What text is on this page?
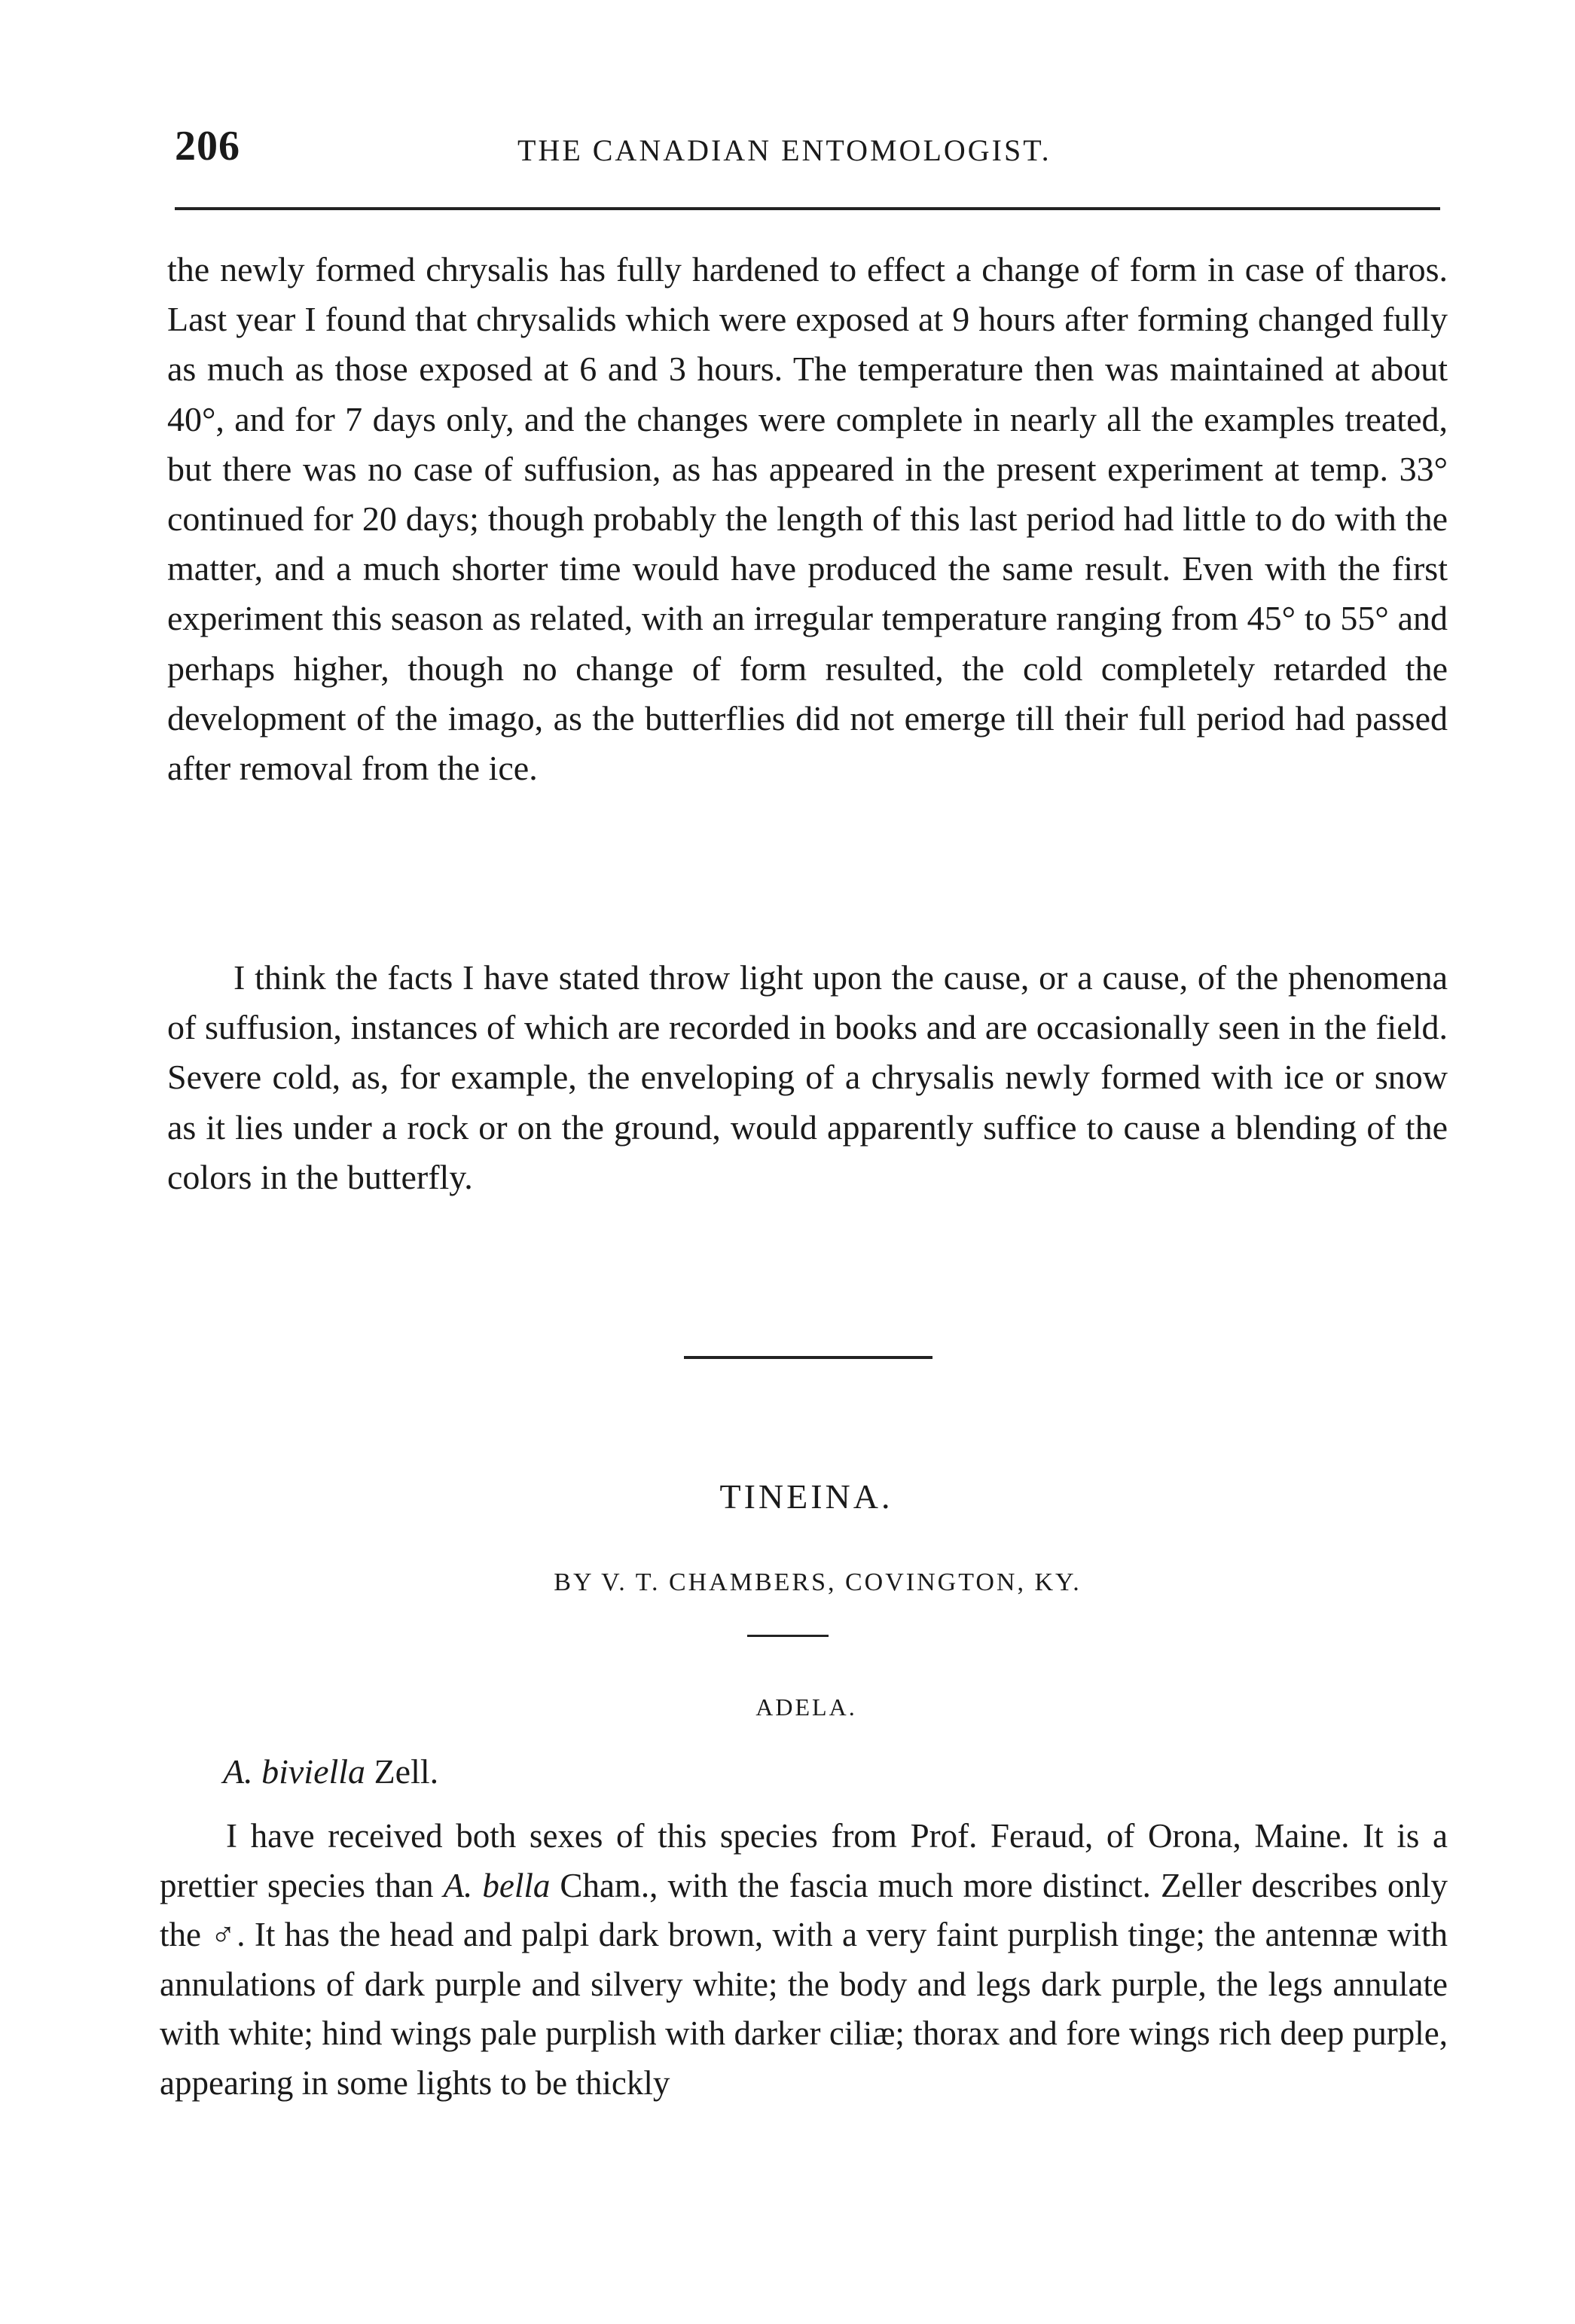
206	THE CANADIAN ENTOMOLOGIST.

the newly formed chrysalis has fully hardened to effect a change of form in case of tharos. Last year I found that chrysalids which were exposed at 9 hours after forming changed fully as much as those exposed at 6 and 3 hours. The temperature then was maintained at about 40°, and for 7 days only, and the changes were complete in nearly all the examples treated, but there was no case of suffusion, as has appeared in the present experiment at temp. 33° continued for 20 days; though probably the length of this last period had little to do with the matter, and a much shorter time would have produced the same result. Even with the first experiment this season as related, with an irregular temperature ranging from 45° to 55° and perhaps higher, though no change of form resulted, the cold completely retarded the development of the imago, as the butterflies did not emerge till their full period had passed after removal from the ice.

I think the facts I have stated throw light upon the cause, or a cause, of the phenomena of suffusion, instances of which are recorded in books and are occasionally seen in the field. Severe cold, as, for example, the enveloping of a chrysalis newly formed with ice or snow as it lies under a rock or on the ground, would apparently suffice to cause a blending of the colors in the butterfly.

TINEINA.
BY V. T. CHAMBERS, COVINGTON, KY.
ADELA.
A. biviella Zell.

I have received both sexes of this species from Prof. Feraud, of Orona, Maine. It is a prettier species than A. bella Cham., with the fascia much more distinct. Zeller describes only the ♂. It has the head and palpi dark brown, with a very faint purplish tinge; the antennæ with annulations of dark purple and silvery white; the body and legs dark purple, the legs annulate with white; hind wings pale purplish with darker ciliæ; thorax and fore wings rich deep purple, appearing in some lights to be thickly
